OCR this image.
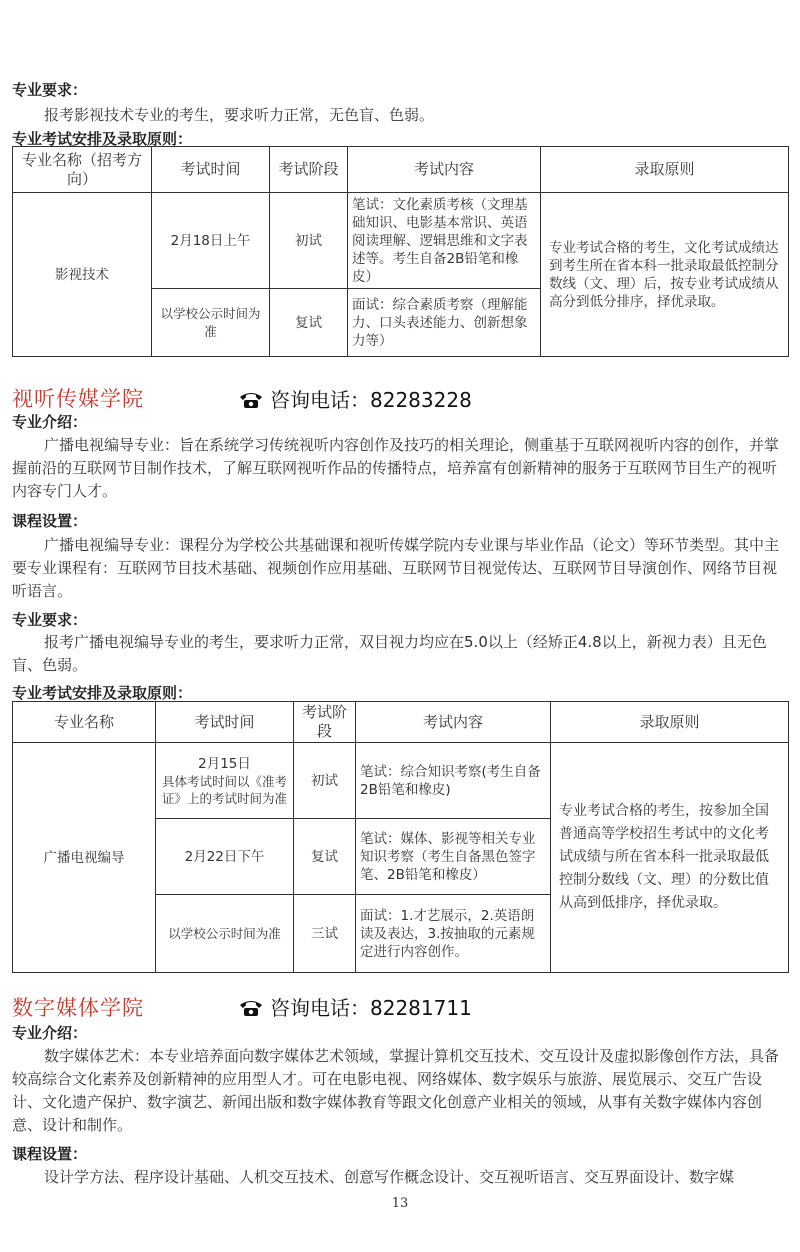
专业要求：
报考影视技术专业的考生，要求听力正常，无色盲、色弱。
专业考试安排及录取原则：
专业名称（招考方向）	考试时间	考试阶段	考试内容	录取原则
影视技术	2月18日上午	初试	笔试：文化素质考核（文理基础知识、电影基本常识、英语阅读理解、逻辑思维和文字表述等。考生自备2B铅笔和橡皮）	专业考试合格的考生，文化考试成绩达到考生所在省本科一批录取最低控制分数线（文、理）后，按专业考试成绩从高分到低分排序，择优录取。
	以学校公示时间为准	复试	面试：综合素质考察（理解能力、口头表述能力、创新想象力等）	
视听传媒学院	咨询电话：82283228
专业介绍：
广播电视编导专业：旨在系统学习传统视听内容创作及技巧的相关理论，侧重基于互联网视听内容的创作，并掌握前沿的互联网节目制作技术，了解互联网视听作品的传播特点，培养富有创新精神的服务于互联网节目生产的视听内容专门人才。
课程设置：
广播电视编导专业：课程分为学校公共基础课和视听传媒学院内专业课与毕业作品（论文）等环节类型。其中主要专业课程有：互联网节目技术基础、视频创作应用基础、互联网节目视觉传达、互联网节目导演创作、网络节目视听语言。
专业要求：
报考广播电视编导专业的考生，要求听力正常，双目视力均应在5.0以上（经矫正4.8以上，新视力表）且无色盲、色弱。
专业考试安排及录取原则：
专业名称	考试时间	考试阶段	考试内容	录取原则
广播电视编导	2月15日
具体考试时间以《准考证》上的考试时间为准	初试	笔试：综合知识考察(考生自备2B铅笔和橡皮)	专业考试合格的考生，按参加全国普通高等学校招生考试中的文化考试成绩与所在省本科一批录取最低控制分数线（文、理）的分数比值从高到低排序，择优录取。
	2月22日下午	复试	笔试：媒体、影视等相关专业知识考察（考生自备黑色签字笔、2B铅笔和橡皮）	
	以学校公示时间为准	三试	面试：1.才艺展示，2.英语朗读及表达，3.按抽取的元素规定进行内容创作。	
数字媒体学院	咨询电话：82281711
专业介绍：
数字媒体艺术：本专业培养面向数字媒体艺术领域，掌握计算机交互技术、交互设计及虚拟影像创作方法，具备较高综合文化素养及创新精神的应用型人才。可在电影电视、网络媒体、数字娱乐与旅游、展览展示、交互广告设计、文化遗产保护、数字演艺、新闻出版和数字媒体教育等跟文化创意产业相关的领域，从事有关数字媒体内容创意、设计和制作。
课程设置：
设计学方法、程序设计基础、人机交互技术、创意写作概念设计、交互视听语言、交互界面设计、数字媒
13
